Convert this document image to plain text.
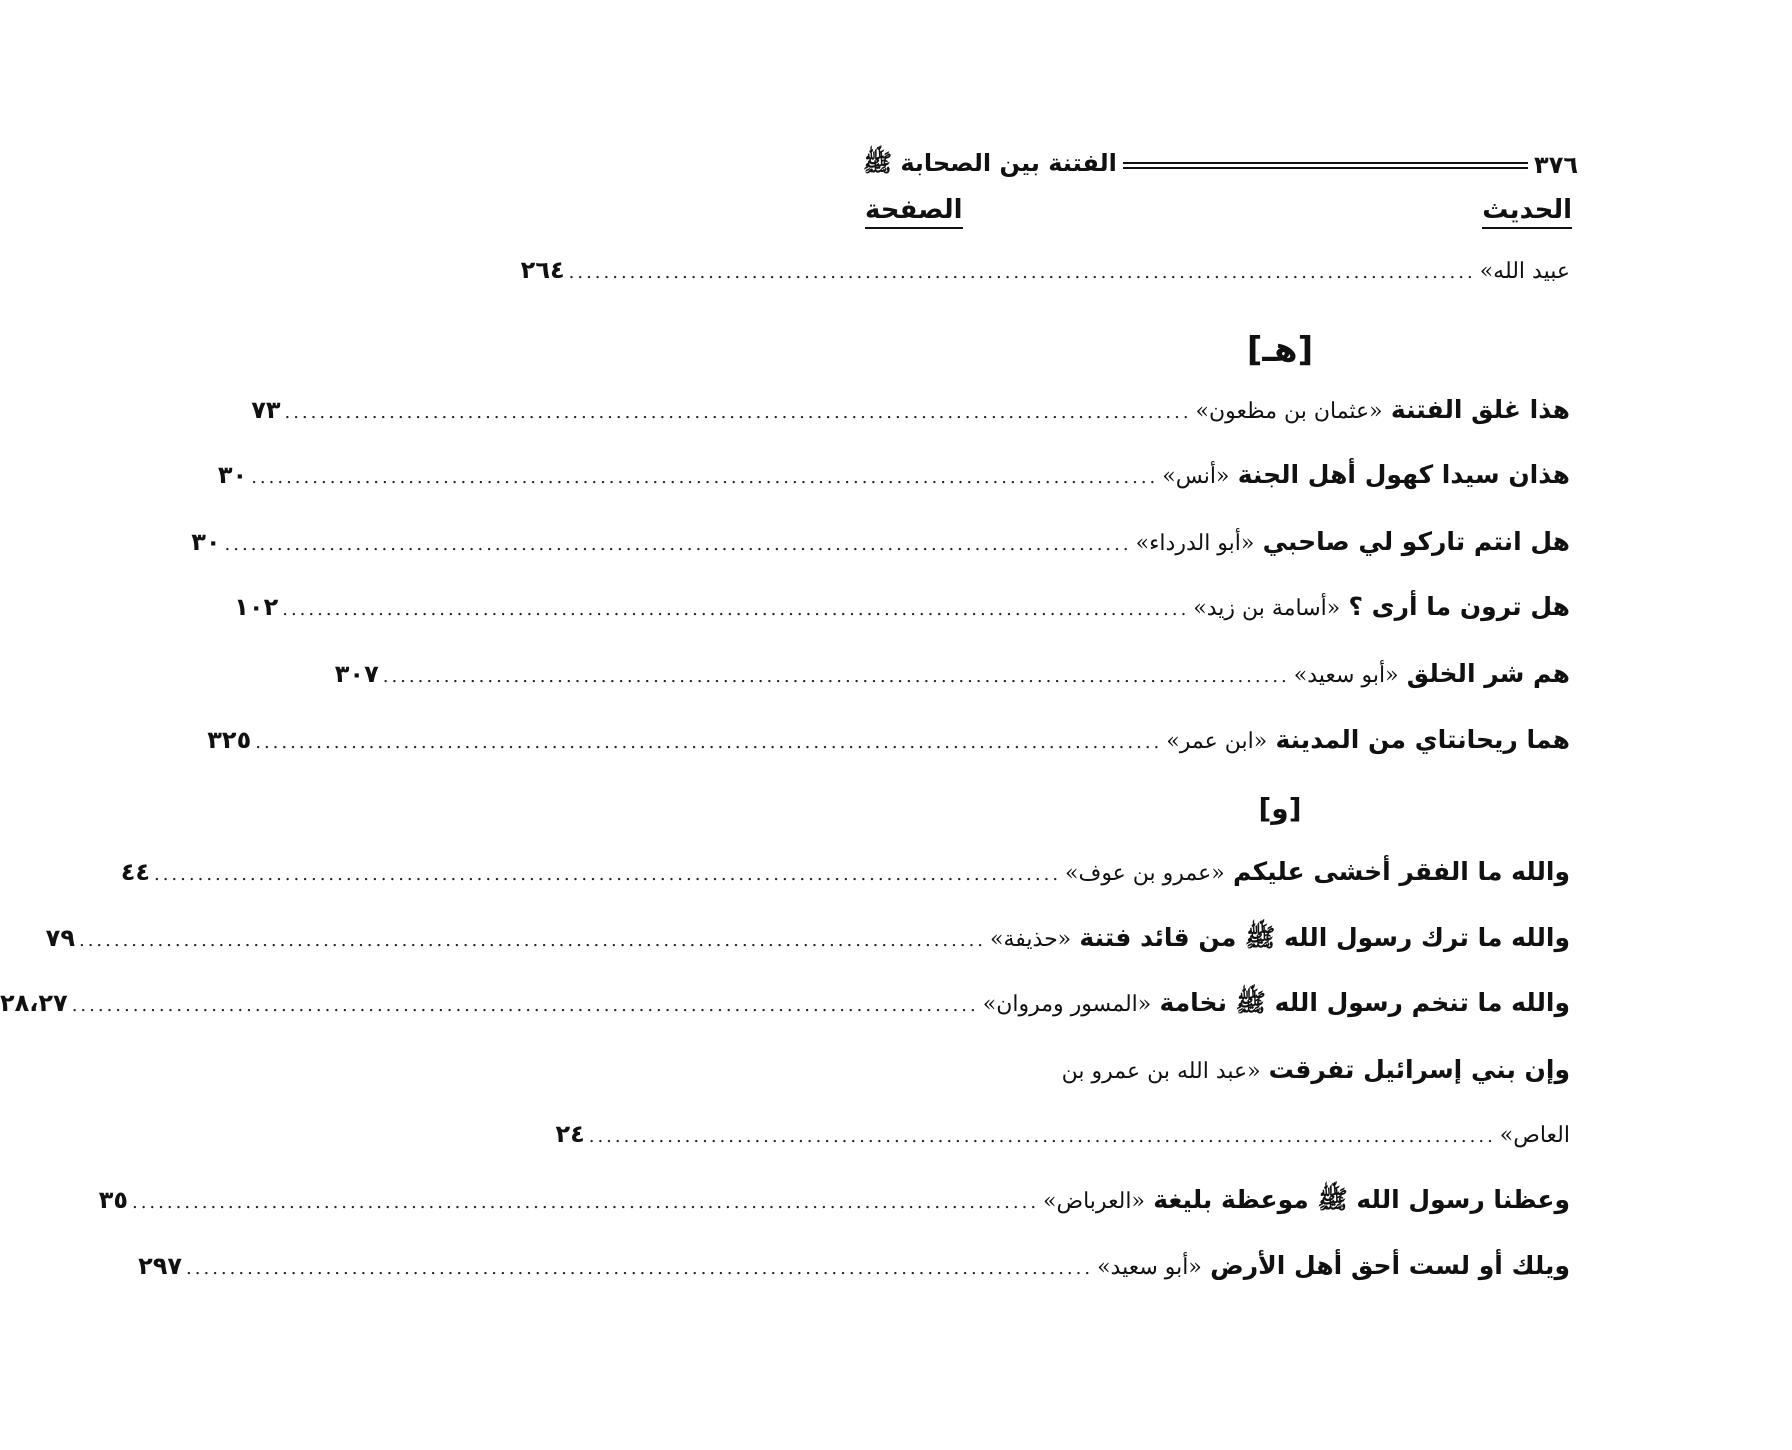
٣٧٦
الفتنة بين الصحابة ﷺ
الحديث
الصفحة
عبيد الله»
........................................................................................................
٢٦٤
[هـ]
هذا غلق الفتنة «عثمان بن مظعون»
........................................................................................................
٧٣
هذان سيدا كهول أهل الجنة «أنس»
........................................................................................................
٣٠
هل انتم تاركو لي صاحبي «أبو الدرداء»
........................................................................................................
٣٠
هل ترون ما أرى ؟ «أسامة بن زيد»
........................................................................................................
١٠٢
هم شر الخلق «أبو سعيد»
........................................................................................................
٣٠٧
هما ريحانتاي من المدينة «ابن عمر»
........................................................................................................
٣٢٥
[و]
والله ما الفقر أخشى عليكم «عمرو بن عوف»
........................................................................................................
٤٤
والله ما ترك رسول الله ﷺ من قائد فتنة «حذيفة»
........................................................................................................
٧٩
والله ما تنخم رسول الله ﷺ نخامة «المسور ومروان»
........................................................................................................
٢٨،٢٧
وإن بني إسرائيل تفرقت «عبد الله بن عمرو بن
العاص»
........................................................................................................
٢٤
وعظنا رسول الله ﷺ موعظة بليغة «العرباض»
........................................................................................................
٣٥
ويلك أو لست أحق أهل الأرض «أبو سعيد»
........................................................................................................
٢٩٧
